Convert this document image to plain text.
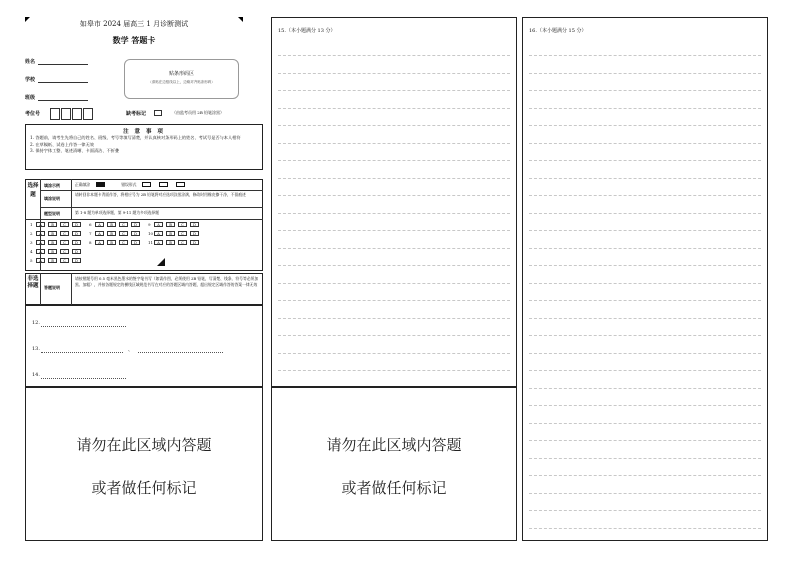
如皋市 2024 届高三 1 月诊断测试
数学 答题卡
姓名
学校
班级
考位号
贴条形码区
（请贴在边框线以上，边缘对齐贴条形码）
缺考标记	（由监考员用 2B 铅笔涂黑）
注 意 事 项
1. 答题前，请考生先将自己的姓名、班级、考号等填写清楚，并认真核对条形码上的姓名、考试号是否与本人相符
2. 在草稿纸、试卷上作答一律无效
3. 保持字体工整、笔迹清晰、卡面清洁、不折叠
选择题
填涂示例	正确填涂	错误形式
填涂说明
请转回非本题卡背面作答，将相应号为 2B 铅笔将对应选项涂黑涂满，修改时用橡皮擦干净，不留痕迹
题型说明	第 1-8 题为单项选择题，第 9-11 题为多项选择题
1	A	B	C	D	6	A	B	C	D	9	A	B	C	D
2	A	B	C	D	7	A	B	C	D	10	A	B	C	D
3	A	B	C	D	8	A	B	C	D	11	A	B	C	D
4	A	B	C	D
5	A	B	C	D
非选择题 答题说明
请按照题号用 0.5 毫米黑色墨水的签字笔书写（如需作图，必须使用 2B 铅笔，写清楚、线条、符号等必须加黑、加粗），并按各题规定的横线区域规范书写在对应的答题区域内答题，超出规定区域作答的答案一律无效
12.
13.	、
14.
请勿在此区域内答题
或者做任何标记
15.（本小题满分 13 分）
请勿在此区域内答题
或者做任何标记
16.（本小题满分 15 分）
